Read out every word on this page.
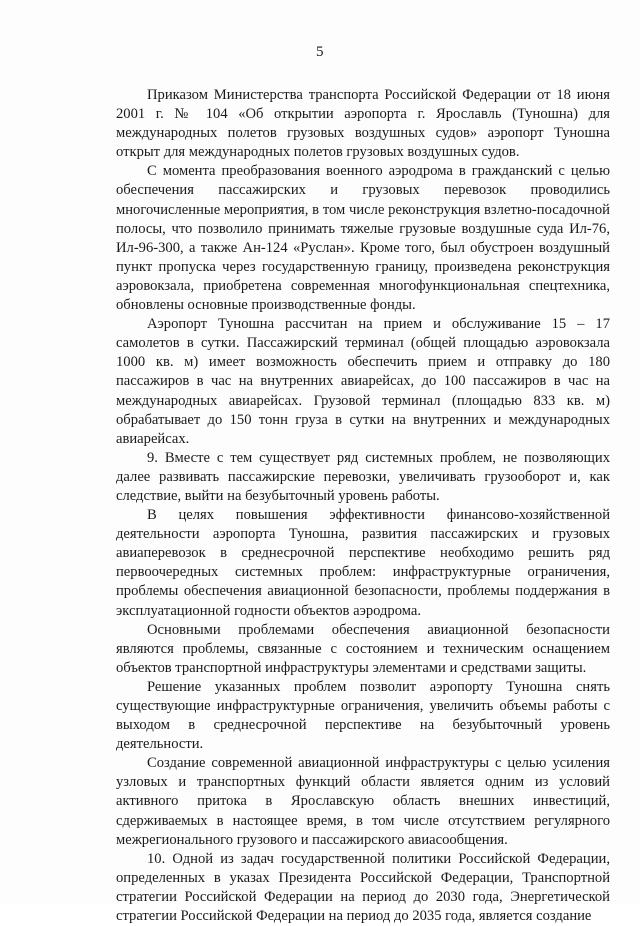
5

Приказом Министерства транспорта Российской Федерации от 18 июня 2001 г. № 104 «Об открытии аэропорта г. Ярославль (Туношна) для международных полетов грузовых воздушных судов» аэропорт Туношна открыт для международных полетов грузовых воздушных судов.

С момента преобразования военного аэродрома в гражданский с целью обеспечения пассажирских и грузовых перевозок проводились многочисленные мероприятия, в том числе реконструкция взлетно-посадочной полосы, что позволило принимать тяжелые грузовые воздушные суда Ил-76, Ил-96-300, а также Ан-124 «Руслан». Кроме того, был обустроен воздушный пункт пропуска через государственную границу, произведена реконструкция аэровокзала, приобретена современная многофункциональная спецтехника, обновлены основные производственные фонды.

Аэропорт Туношна рассчитан на прием и обслуживание 15 – 17 самолетов в сутки. Пассажирский терминал (общей площадью аэровокзала 1000 кв. м) имеет возможность обеспечить прием и отправку до 180 пассажиров в час на внутренних авиарейсах, до 100 пассажиров в час на международных авиарейсах. Грузовой терминал (площадью 833 кв. м) обрабатывает до 150 тонн груза в сутки на внутренних и международных авиарейсах.

9. Вместе с тем существует ряд системных проблем, не позволяющих далее развивать пассажирские перевозки, увеличивать грузооборот и, как следствие, выйти на безубыточный уровень работы.

В целях повышения эффективности финансово-хозяйственной деятельности аэропорта Туношна, развития пассажирских и грузовых авиаперевозок в среднесрочной перспективе необходимо решить ряд первоочередных системных проблем: инфраструктурные ограничения, проблемы обеспечения авиационной безопасности, проблемы поддержания в эксплуатационной годности объектов аэродрома.

Основными проблемами обеспечения авиационной безопасности являются проблемы, связанные с состоянием и техническим оснащением объектов транспортной инфраструктуры элементами и средствами защиты.

Решение указанных проблем позволит аэропорту Туношна снять существующие инфраструктурные ограничения, увеличить объемы работы с выходом в среднесрочной перспективе на безубыточный уровень деятельности.

Создание современной авиационной инфраструктуры с целью усиления узловых и транспортных функций области является одним из условий активного притока в Ярославскую область внешних инвестиций, сдерживаемых в настоящее время, в том числе отсутствием регулярного межрегионального грузового и пассажирского авиасообщения.

10. Одной из задач государственной политики Российской Федерации, определенных в указах Президента Российской Федерации, Транспортной стратегии Российской Федерации на период до 2030 года, Энергетической стратегии Российской Федерации на период до 2035 года, является создание
